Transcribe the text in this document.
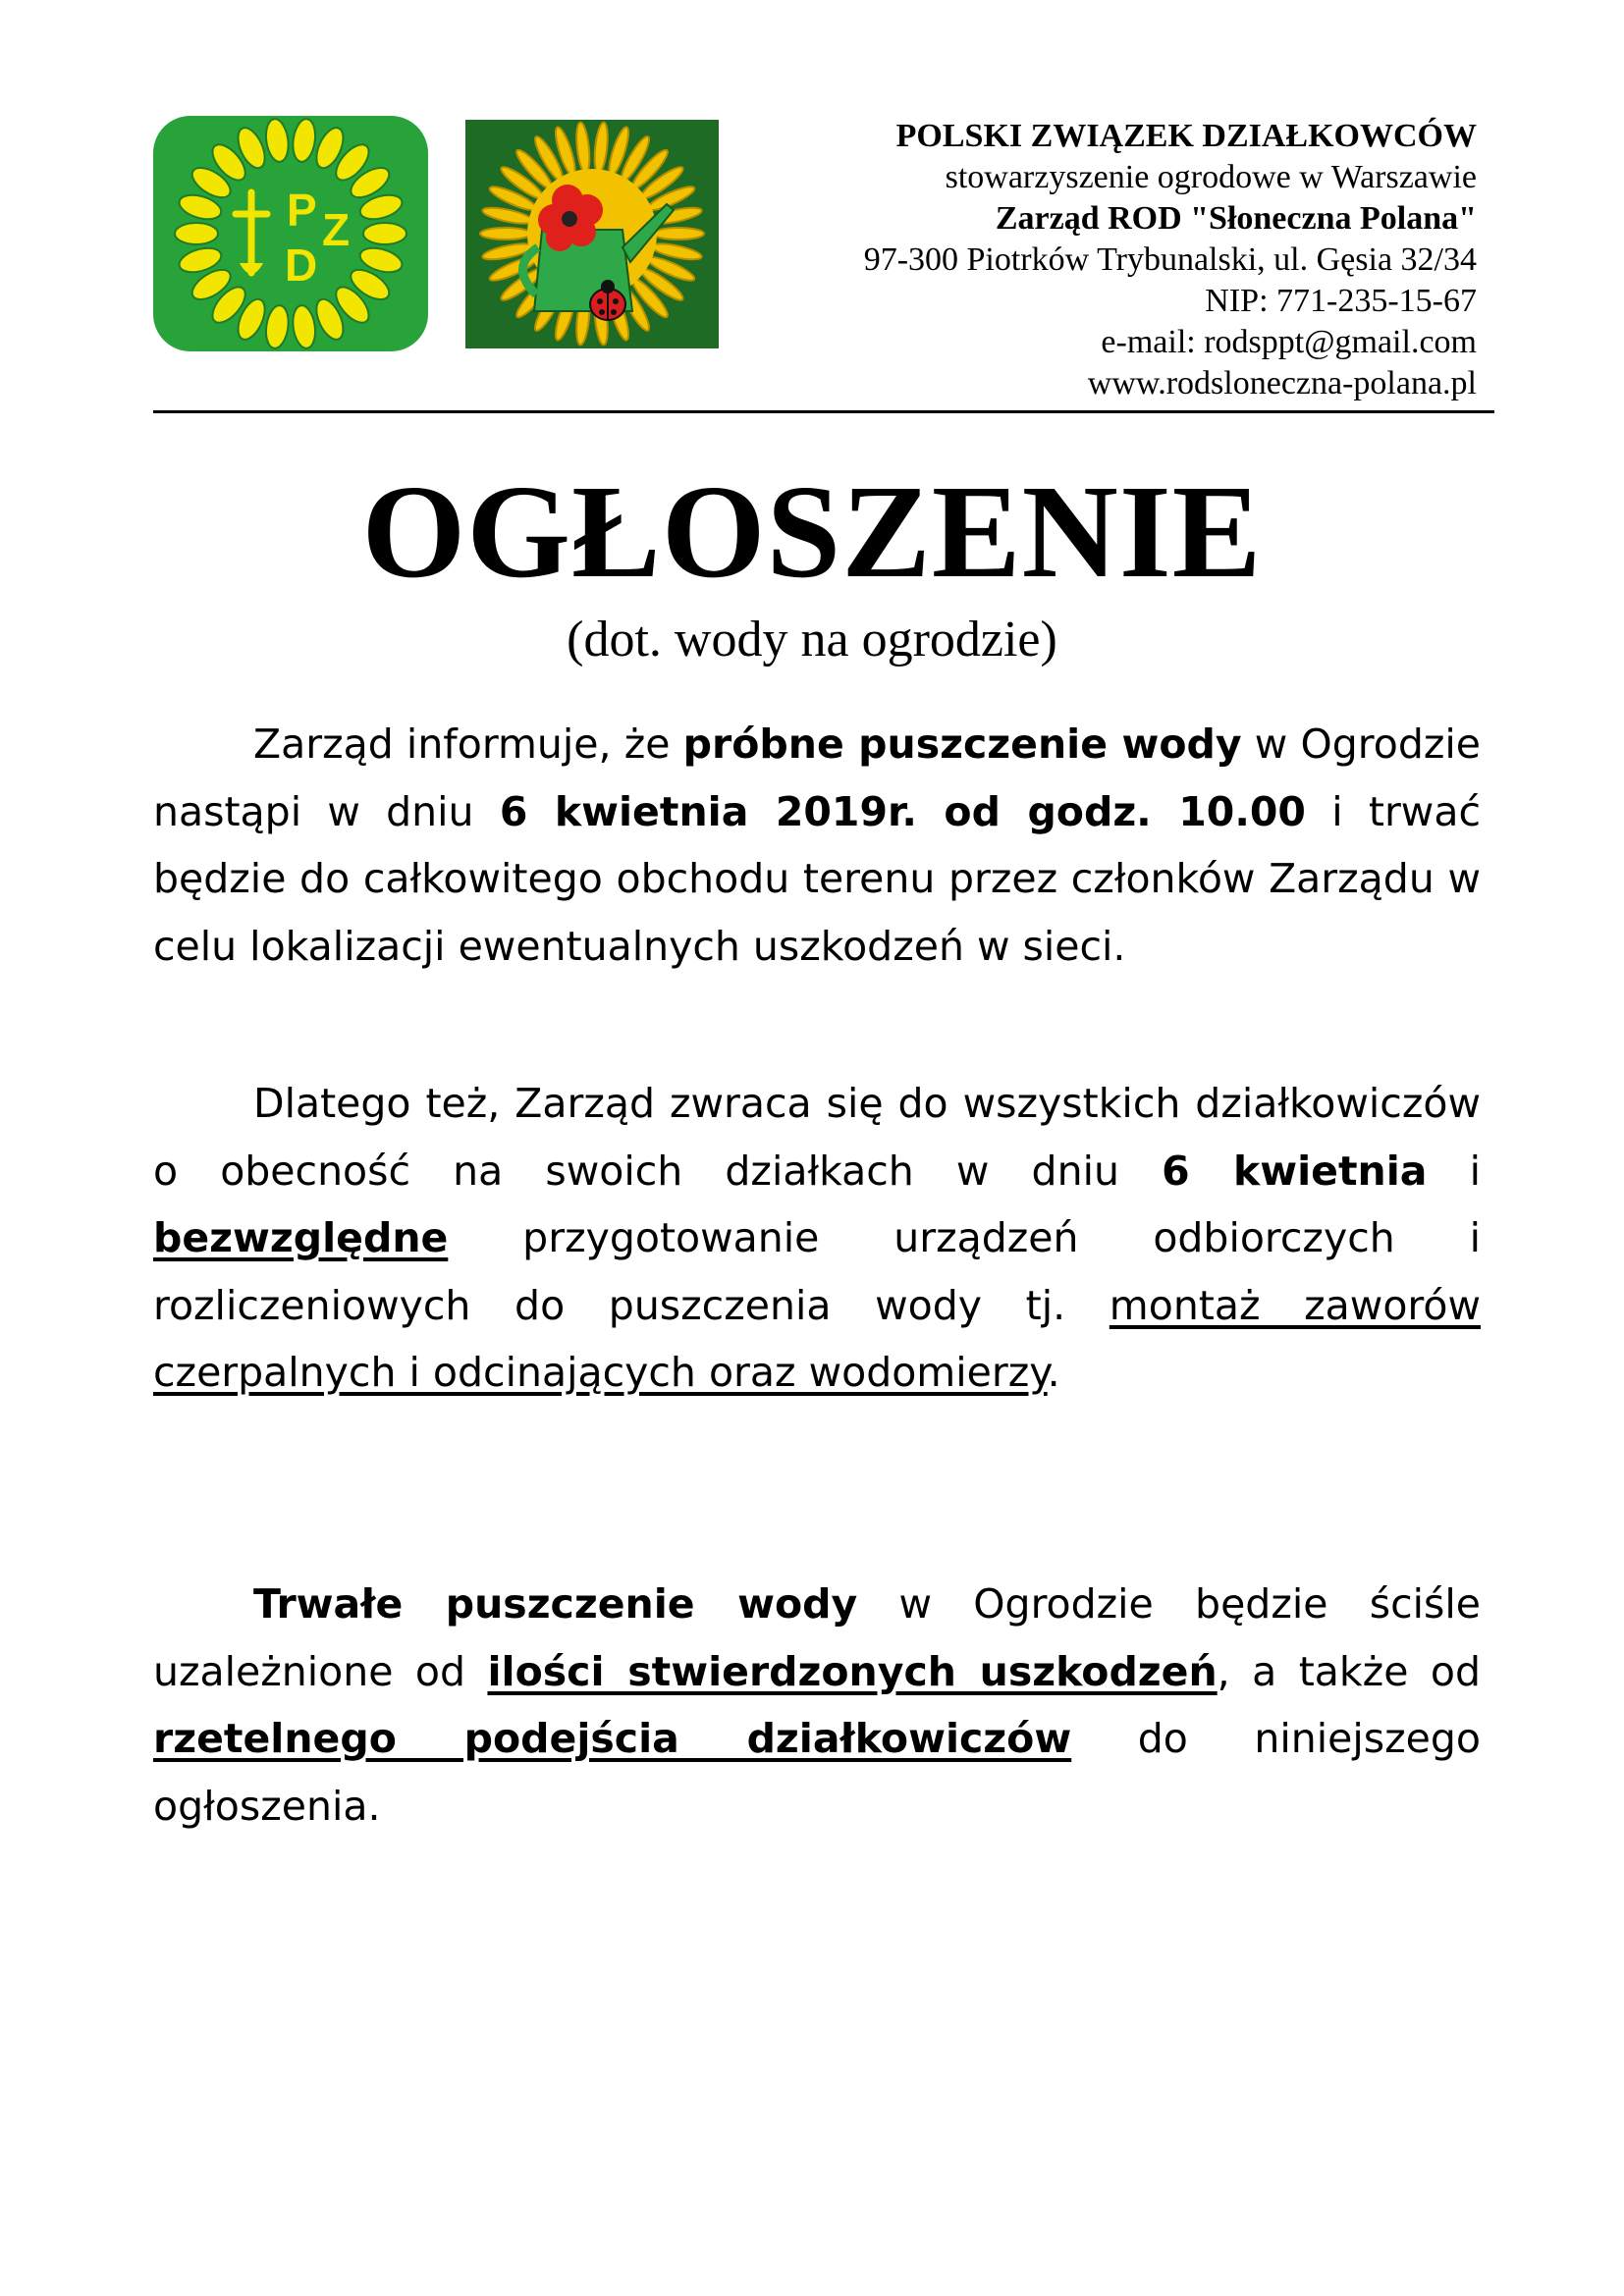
P Z
D
POLSKI ZWIĄZEK DZIAŁKOWCÓW
stowarzyszenie ogrodowe w Warszawie
Zarząd ROD "Słoneczna Polana"
97-300 Piotrków Trybunalski, ul. Gęsia 32/34
NIP: 771-235-15-67
e-mail: rodsppt@gmail.com
www.rodsloneczna-polana.pl
OGŁOSZENIE
(dot. wody na ogrodzie)
Zarząd informuje, że próbne puszczenie wody w Ogrodzie nastąpi w dniu 6 kwietnia 2019r. od godz. 10.00 i trwać będzie do całkowitego obchodu terenu przez członków Zarządu w celu lokalizacji ewentualnych uszkodzeń w sieci.
Dlatego też, Zarząd zwraca się do wszystkich działkowiczów o obecność na swoich działkach w dniu 6 kwietnia i bezwzględne przygotowanie urządzeń odbiorczych i rozliczeniowych do puszczenia wody tj. montaż zaworów czerpalnych i odcinających oraz wodomierzy.
Trwałe puszczenie wody w Ogrodzie będzie ściśle uzależnione od ilości stwierdzonych uszkodzeń, a także od rzetelnego podejścia działkowiczów do niniejszego ogłoszenia.
